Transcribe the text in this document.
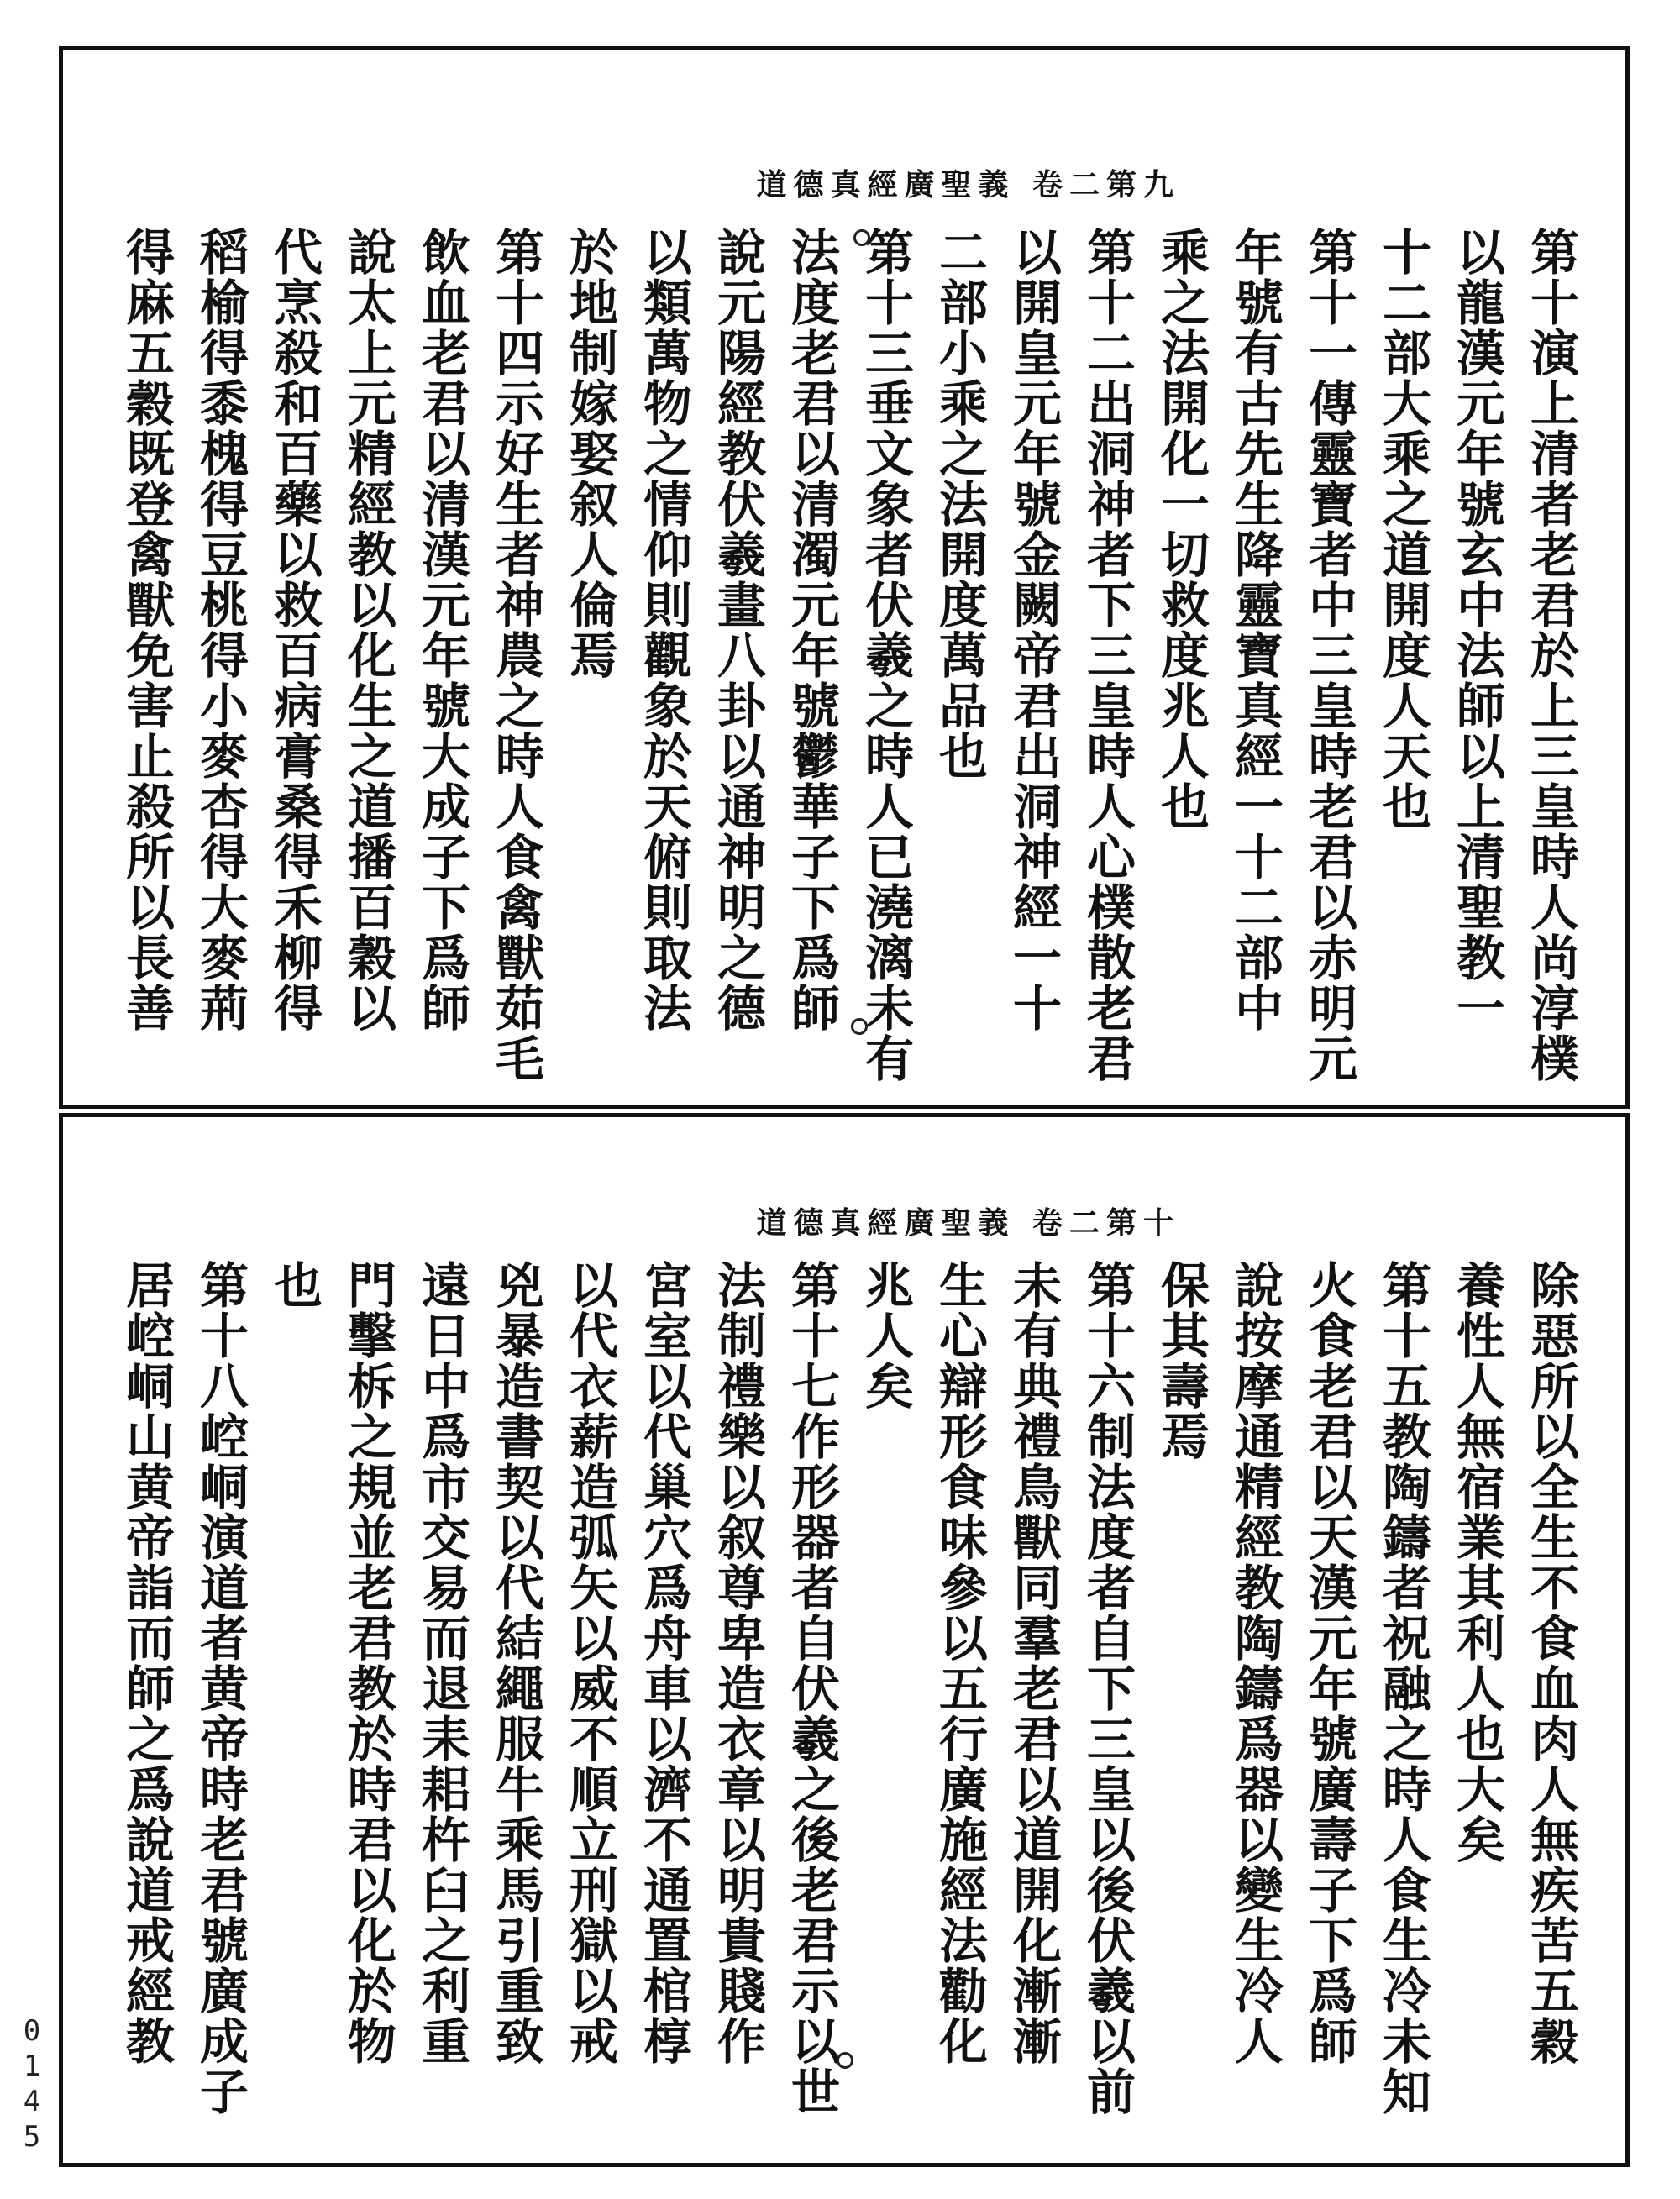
道德真經廣聖義 卷二第九
第十演上清者老君於上三皇時人尚淳樸
以龍漢元年號玄中法師以上清聖教一
十二部大乘之道開度人天也
第十一傳靈寶者中三皇時老君以赤明元
年號有古先生降靈寶真經一十二部中
乘之法開化一切救度兆人也
第十二出洞神者下三皇時人心樸散老君
以開皇元年號金闕帝君出洞神經一十
二部小乘之法開度萬品也
第十三垂文象者伏羲之時人已澆漓未有
法度老君以清濁元年號鬱華子下爲師
說元陽經教伏羲畫八卦以通神明之德
以類萬物之情仰則觀象於天俯則取法
於地制嫁娶叙人倫焉
第十四示好生者神農之時人食禽獸茹毛
飲血老君以清漢元年號大成子下爲師
說太上元精經教以化生之道播百穀以
代烹殺和百藥以救百病膏桑得禾柳得
稻榆得黍槐得豆桃得小麥杏得大麥荊
得麻五穀既登禽獸免害止殺所以長善
道德真經廣聖義 卷二第十
除惡所以全生不食血肉人無疾苦五穀
養性人無宿業其利人也大矣
第十五教陶鑄者祝融之時人食生冷未知
火食老君以天漢元年號廣壽子下爲師
說按摩通精經教陶鑄爲器以變生冷人
保其壽焉
第十六制法度者自下三皇以後伏羲以前
未有典禮鳥獸同羣老君以道開化漸漸
生心辯形食味參以五行廣施經法勸化
兆人矣
第十七作形器者自伏羲之後老君示以世
法制禮樂以叙尊卑造衣章以明貴賤作
宮室以代巢穴爲舟車以濟不通置棺椁
以代衣薪造弧矢以威不順立刑獄以戒
兇暴造書契以代結繩服牛乘馬引重致
遠日中爲市交易而退耒耜杵臼之利重
門擊柝之規並老君教於時君以化於物
也
第十八崆峒演道者黄帝時老君號廣成子
居崆峒山黄帝詣而師之爲說道戒經教
0145
